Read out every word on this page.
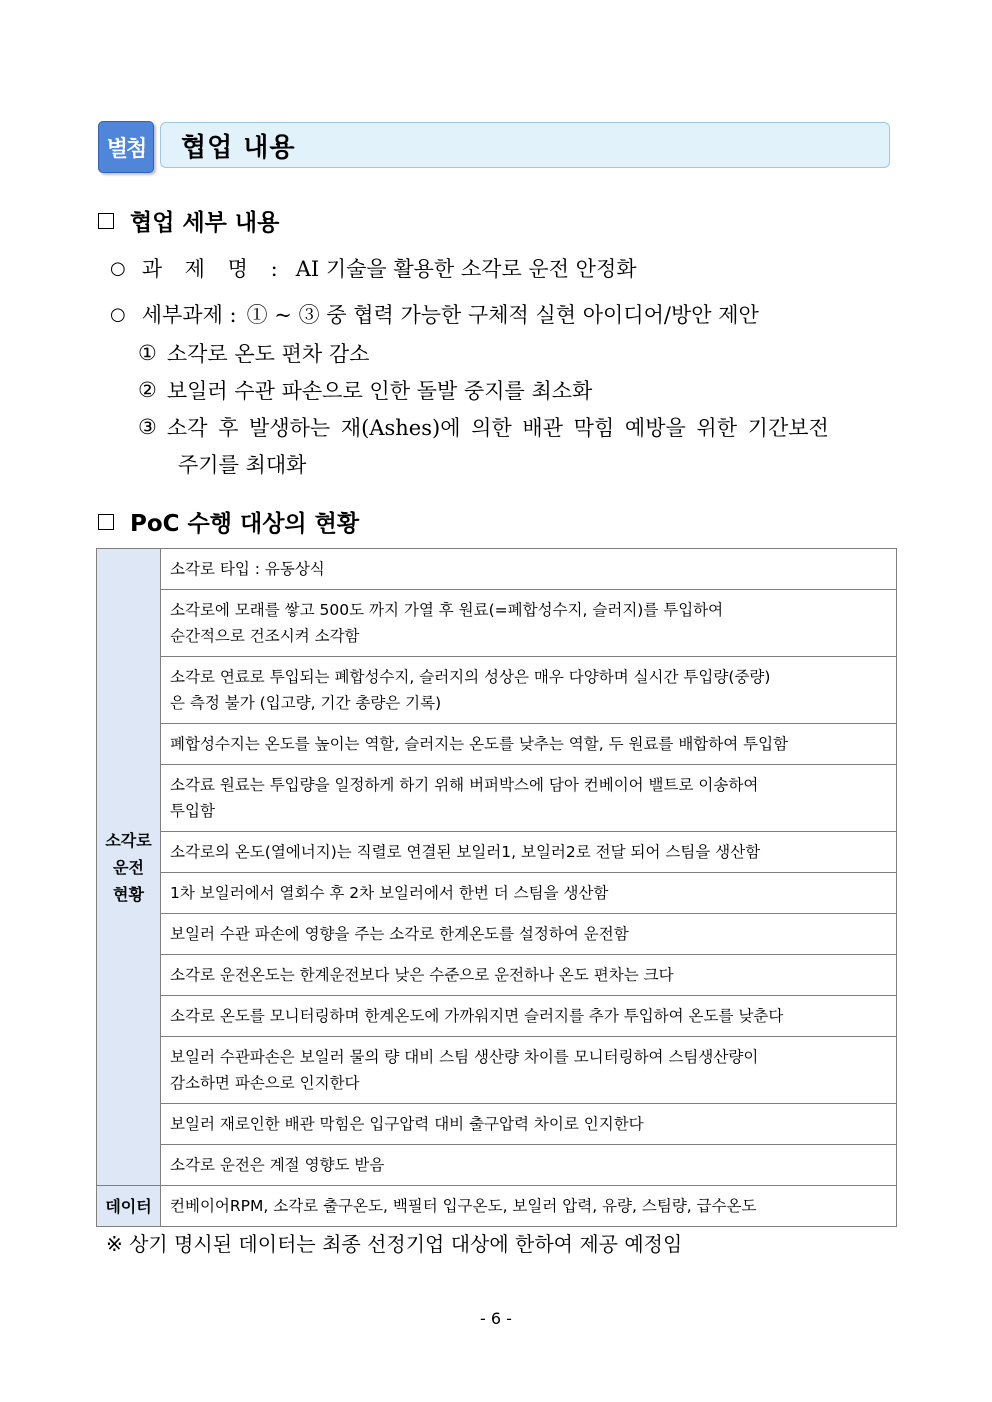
별첨	협업 내용
협업 세부 내용
○ 과 제 명 : AI 기술을 활용한 소각로 운전 안정화
○ 세부과제 : ① ~ ③ 중 협력 가능한 구체적 실현 아이디어/방안 제안
① 소각로 온도 편차 감소
② 보일러 수관 파손으로 인한 돌발 중지를 최소화
③ 소각 후 발생하는 재(Ashes)에 의한 배관 막힘 예방을 위한 기간보전
주기를 최대화
PoC 수행 대상의 현황
소각로
운전
현황	소각로 타입 : 유동상식

	소각로에 모래를 쌓고 500도 까지 가열 후 원료(=폐합성수지, 슬러지)를 투입하여
순간적으로 건조시켜 소각함

	소각로 연료로 투입되는 폐합성수지, 슬러지의 성상은 매우 다양하며 실시간 투입량(중량)
은 측정 불가 (입고량, 기간 총량은 기록)

	폐합성수지는 온도를 높이는 역할, 슬러지는 온도를 낮추는 역할, 두 원료를 배합하여 투입함

	소각료 원료는 투입량을 일정하게 하기 위해 버퍼박스에 담아 컨베이어 밸트로 이송하여
투입함

	소각로의 온도(열에너지)는 직렬로 연결된 보일러1, 보일러2로 전달 되어 스팀을 생산함

	1차 보일러에서 열회수 후 2차 보일러에서 한번 더 스팀을 생산함

	보일러 수관 파손에 영향을 주는 소각로 한계온도를 설정하여 운전함

	소각로 운전온도는 한계운전보다 낮은 수준으로 운전하나 온도 편차는 크다

	소각로 온도를 모니터링하며 한계온도에 가까워지면 슬러지를 추가 투입하여 온도를 낮춘다

	보일러 수관파손은 보일러 물의 량 대비 스팀 생산량 차이를 모니터링하여 스팀생산량이
감소하면 파손으로 인지한다

	보일러 재로인한 배관 막힘은 입구압력 대비 출구압력 차이로 인지한다

	소각로 운전은 계절 영향도 받음

데이터	컨베이어RPM, 소각로 출구온도, 백필터 입구온도, 보일러 압력, 유량, 스팀량, 급수온도
※ 상기 명시된 데이터는 최종 선정기업 대상에 한하여 제공 예정임
- 6 -
